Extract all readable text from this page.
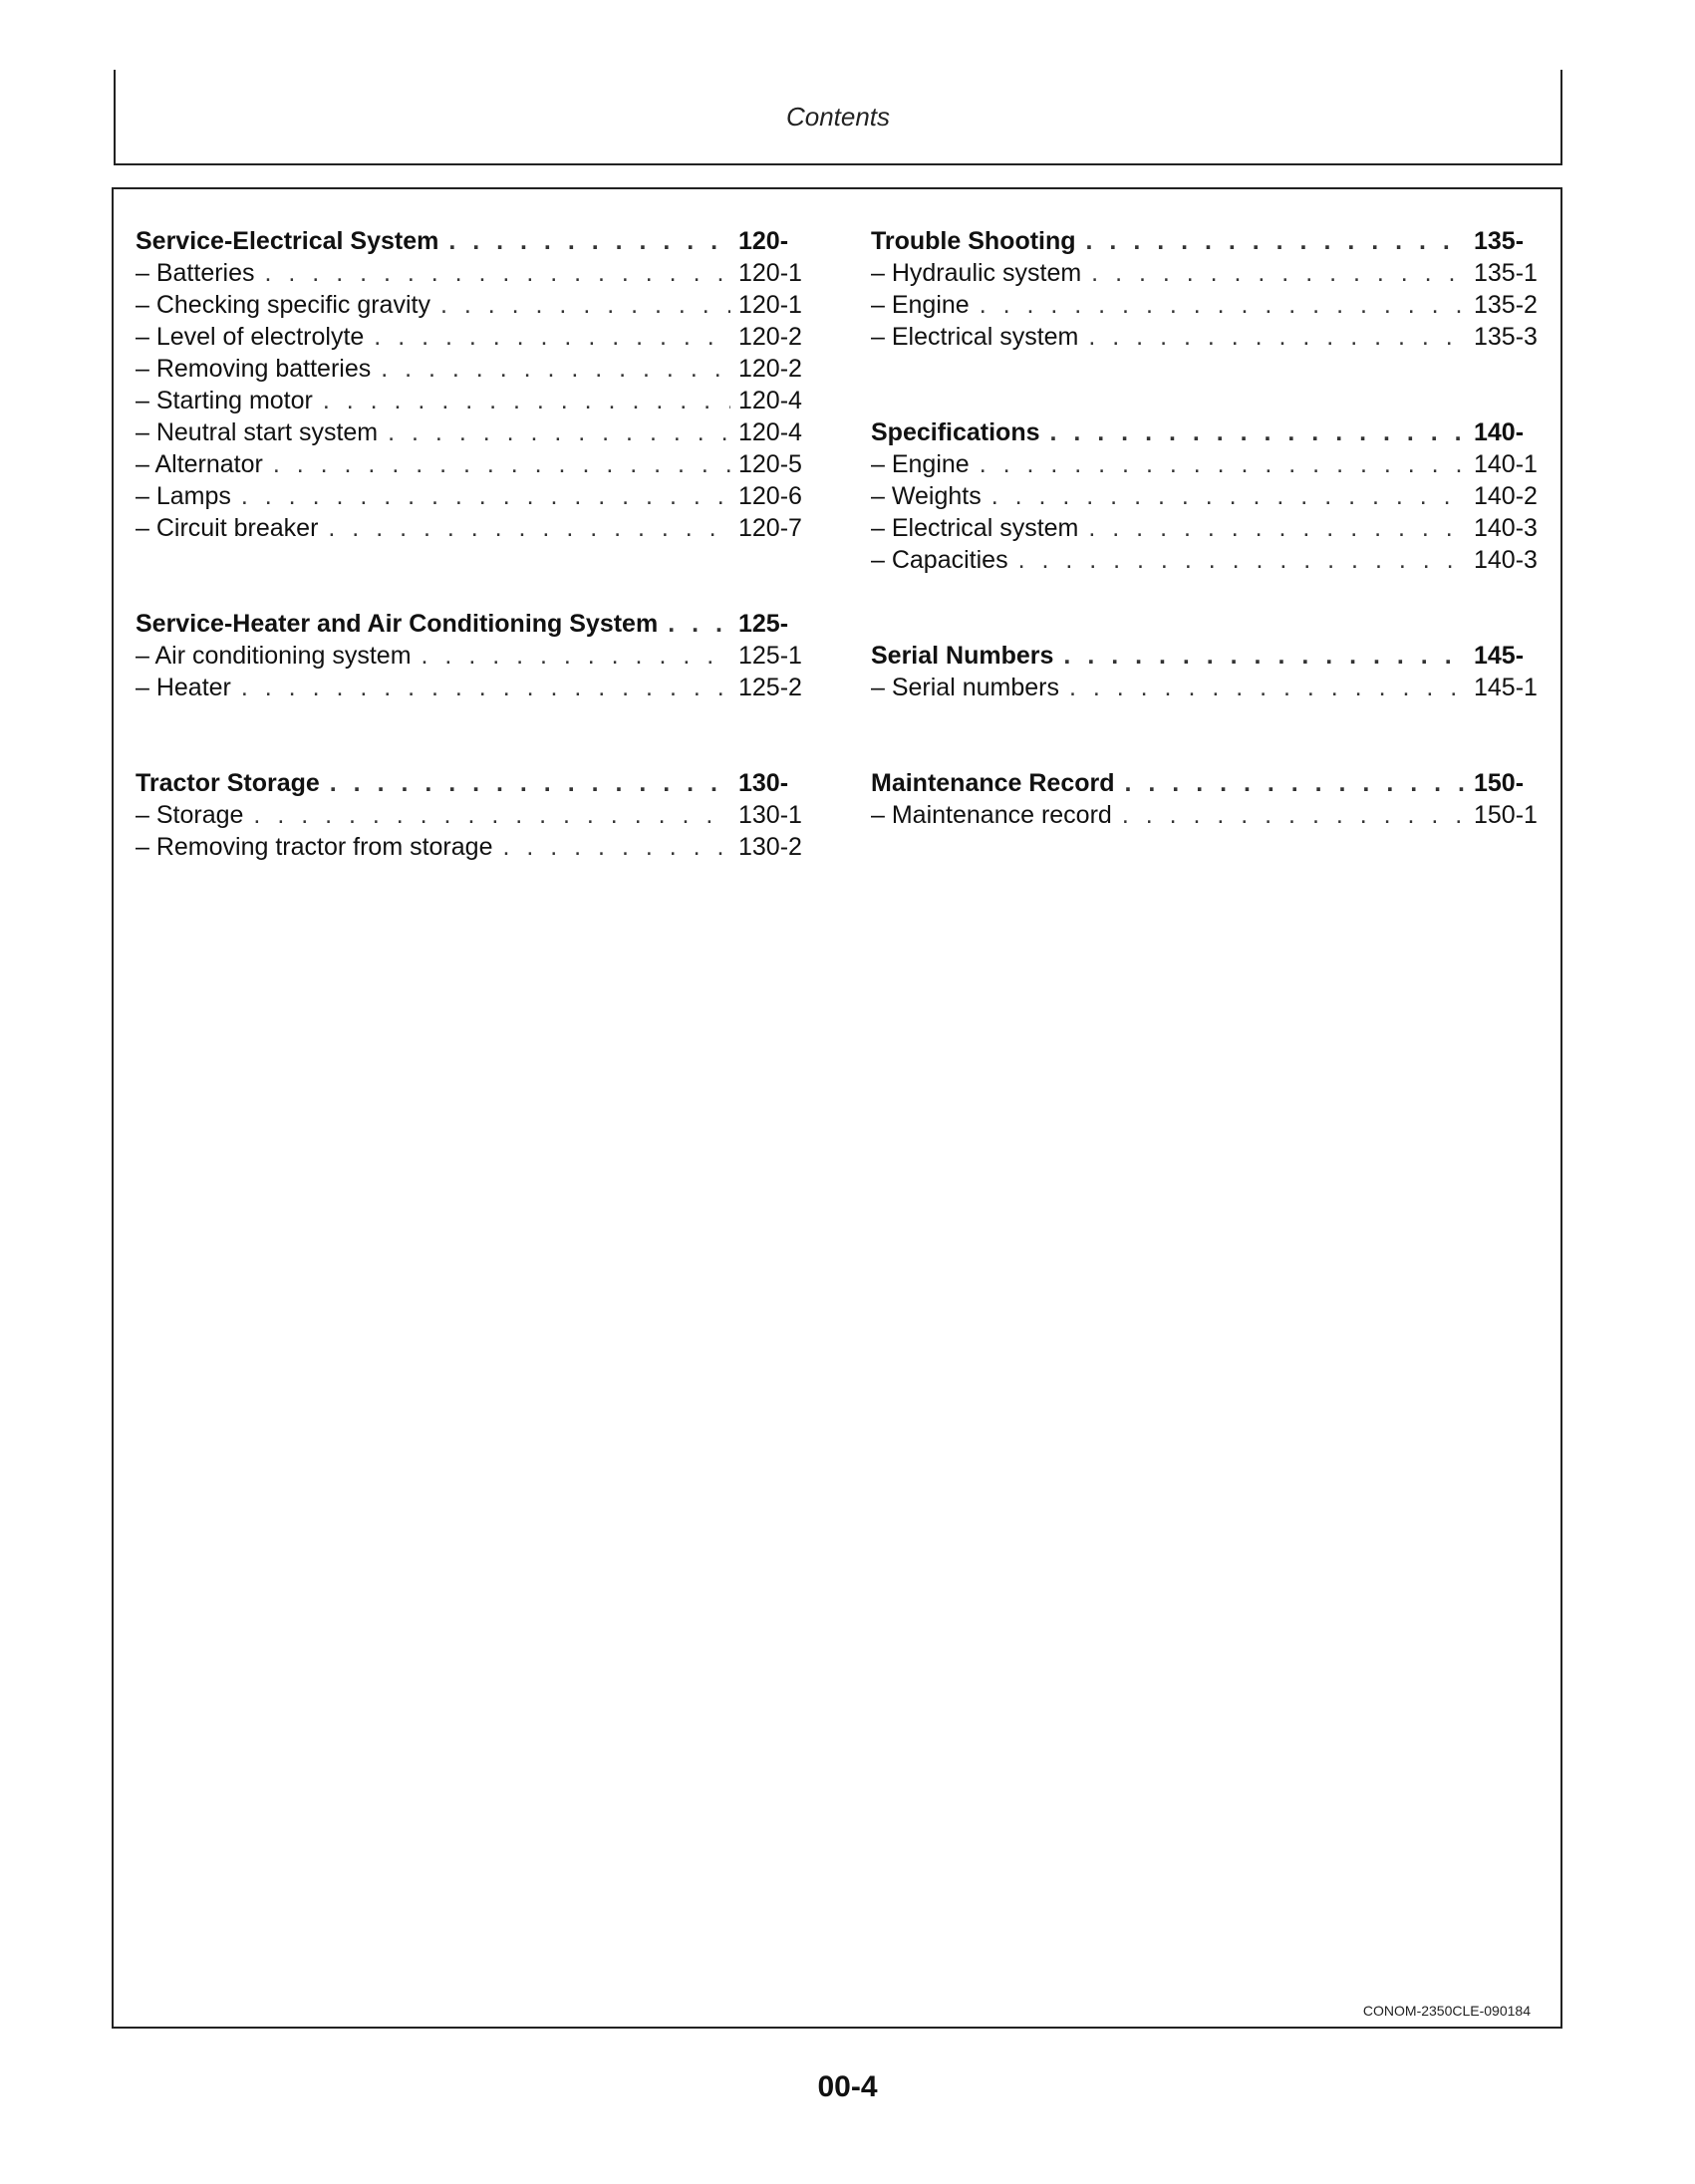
Contents
Service-Electrical System . . .	120-
– Batteries . . .	120-1
– Checking specific gravity . . .	120-1
– Level of electrolyte . . .	120-2
– Removing batteries . . .	120-2
– Starting motor . . .	120-4
– Neutral start system . . .	120-4
– Alternator . . .	120-5
– Lamps . . .	120-6
– Circuit breaker . . .	120-7
Service-Heater and Air Conditioning System . . .	125-
– Air conditioning system . . .	125-1
– Heater . . .	125-2
Tractor Storage . . .	130-
– Storage . . .	130-1
– Removing tractor from storage . . .	130-2
Trouble Shooting . . .	135-
– Hydraulic system . . .	135-1
– Engine . . .	135-2
– Electrical system . . .	135-3
Specifications . . .	140-
– Engine . . .	140-1
– Weights . . .	140-2
– Electrical system . . .	140-3
– Capacities . . .	140-3
Serial Numbers . . .	145-
– Serial numbers . . .	145-1
Maintenance Record . . .	150-
– Maintenance record . . .	150-1
CONOM-2350CLE-090184
00-4
